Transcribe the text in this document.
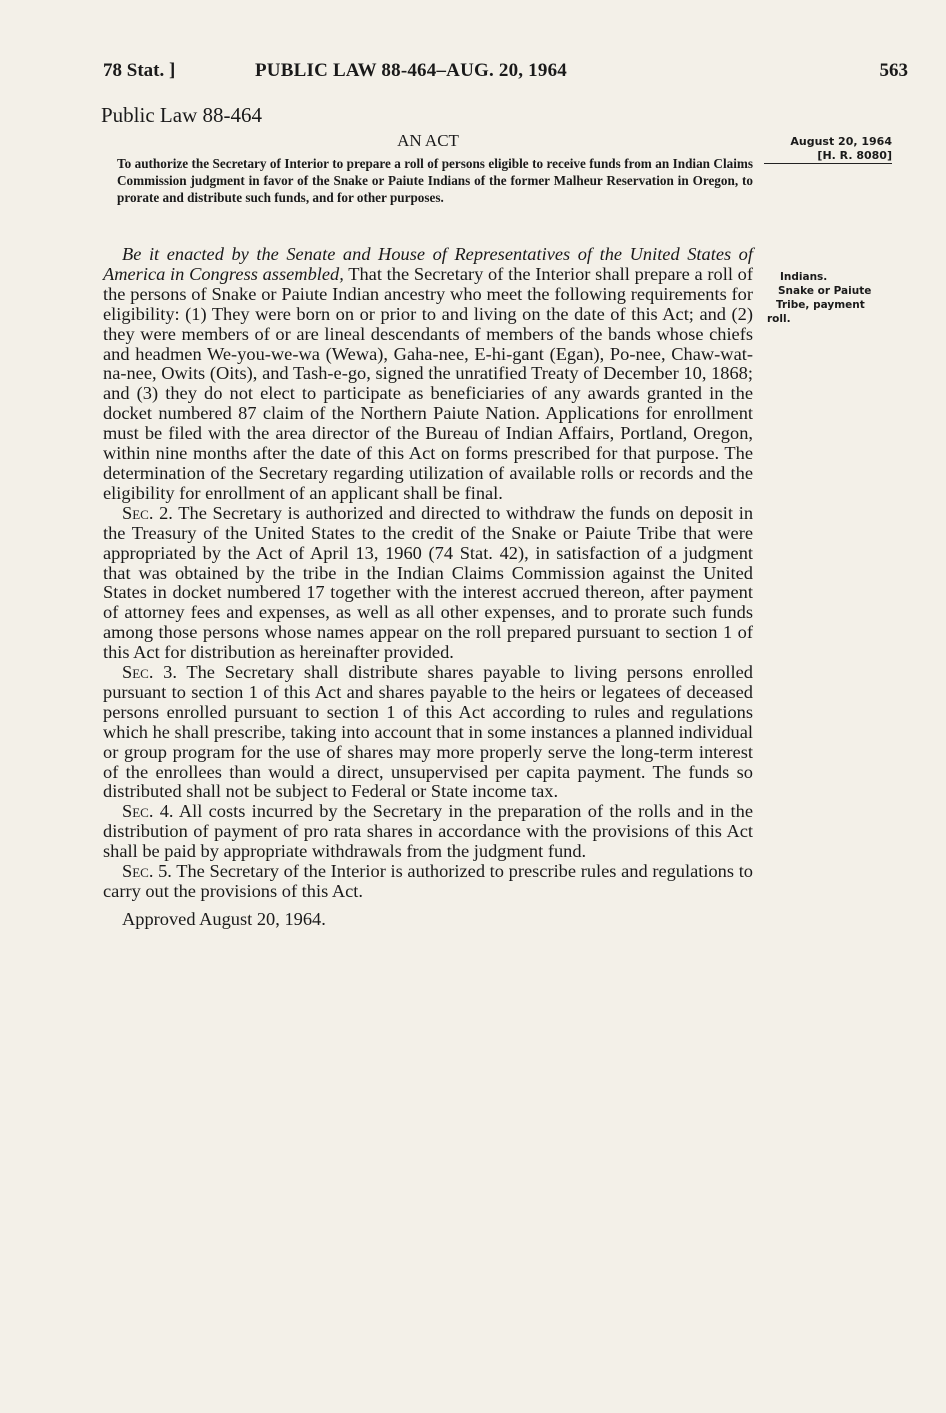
78 Stat. ]	PUBLIC LAW 88-464–AUG. 20, 1964	563
Public Law 88-464
AN ACT
To authorize the Secretary of Interior to prepare a roll of persons eligible to receive funds from an Indian Claims Commission judgment in favor of the Snake or Paiute Indians of the former Malheur Reservation in Oregon, to prorate and distribute such funds, and for other purposes.
August 20, 1964
[H. R. 8080]
Indians.
Snake or Paiute
Tribe, payment
roll.

Be it enacted by the Senate and House of Representatives of the United States of America in Congress assembled, That the Secretary of the Interior shall prepare a roll of the persons of Snake or Paiute Indian ancestry who meet the following requirements for eligibility: (1) They were born on or prior to and living on the date of this Act; and (2) they were members of or are lineal descendants of members of the bands whose chiefs and headmen We-you-we-wa (Wewa), Gaha-nee, E-hi-gant (Egan), Po-nee, Chaw-wat-na-nee, Owits (Oits), and Tash-e-go, signed the unratified Treaty of December 10, 1868; and (3) they do not elect to participate as beneficiaries of any awards granted in the docket numbered 87 claim of the Northern Paiute Nation. Applications for enrollment must be filed with the area director of the Bureau of Indian Affairs, Portland, Oregon, within nine months after the date of this Act on forms prescribed for that purpose. The determination of the Secretary regarding utilization of available rolls or records and the eligibility for enrollment of an applicant shall be final.

Sec. 2. The Secretary is authorized and directed to withdraw the funds on deposit in the Treasury of the United States to the credit of the Snake or Paiute Tribe that were appropriated by the Act of April 13, 1960 (74 Stat. 42), in satisfaction of a judgment that was obtained by the tribe in the Indian Claims Commission against the United States in docket numbered 17 together with the interest accrued thereon, after payment of attorney fees and expenses, as well as all other expenses, and to prorate such funds among those persons whose names appear on the roll prepared pursuant to section 1 of this Act for distribution as hereinafter provided.

Sec. 3. The Secretary shall distribute shares payable to living persons enrolled pursuant to section 1 of this Act and shares payable to the heirs or legatees of deceased persons enrolled pursuant to section 1 of this Act according to rules and regulations which he shall prescribe, taking into account that in some instances a planned individual or group program for the use of shares may more properly serve the long-term interest of the enrollees than would a direct, unsupervised per capita payment. The funds so distributed shall not be subject to Federal or State income tax.

Sec. 4. All costs incurred by the Secretary in the preparation of the rolls and in the distribution of payment of pro rata shares in accordance with the provisions of this Act shall be paid by appropriate withdrawals from the judgment fund.

Sec. 5. The Secretary of the Interior is authorized to prescribe rules and regulations to carry out the provisions of this Act.

Approved August 20, 1964.
